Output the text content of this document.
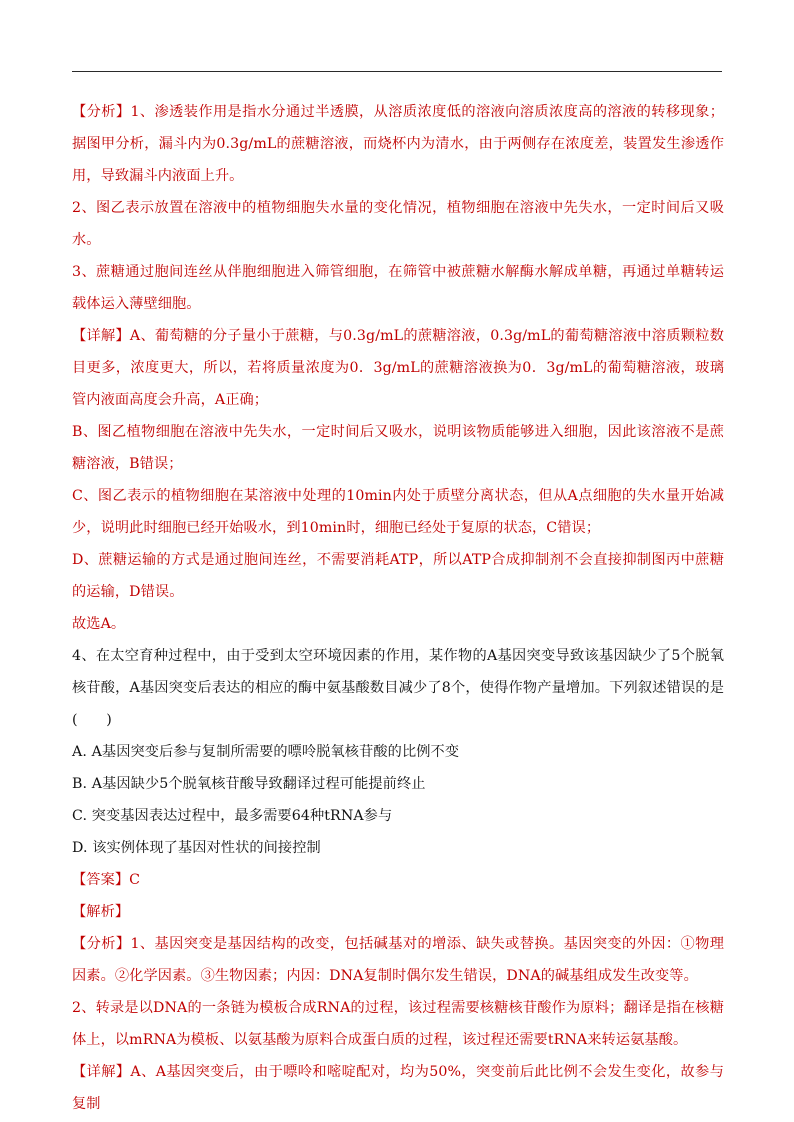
【分析】1、渗透装作用是指水分通过半透膜，从溶质浓度低的溶液向溶质浓度高的溶液的转移现象；据图甲分析，漏斗内为0.3g/mL的蔗糖溶液，而烧杯内为清水，由于两侧存在浓度差，装置发生渗透作用，导致漏斗内液面上升。

2、图乙表示放置在溶液中的植物细胞失水量的变化情况，植物细胞在溶液中先失水，一定时间后又吸水。

3、蔗糖通过胞间连丝从伴胞细胞进入筛管细胞，在筛管中被蔗糖水解酶水解成单糖，再通过单糖转运载体运入薄壁细胞。

【详解】A、葡萄糖的分子量小于蔗糖，与0.3g/mL的蔗糖溶液，0.3g/mL的葡萄糖溶液中溶质颗粒数目更多，浓度更大，所以，若将质量浓度为0．3g/mL的蔗糖溶液换为0．3g/mL的葡萄糖溶液，玻璃管内液面高度会升高，A正确；

B、图乙植物细胞在溶液中先失水，一定时间后又吸水，说明该物质能够进入细胞，因此该溶液不是蔗糖溶液，B错误；

C、图乙表示的植物细胞在某溶液中处理的10min内处于质壁分离状态，但从A点细胞的失水量开始减少，说明此时细胞已经开始吸水，到10min时，细胞已经处于复原的状态，C错误；

D、蔗糖运输的方式是通过胞间连丝，不需要消耗ATP，所以ATP合成抑制剂不会直接抑制图丙中蔗糖的运输，D错误。

故选A。

4、在太空育种过程中，由于受到太空环境因素的作用，某作物的A基因突变导致该基因缺少了5个脱氧核苷酸，A基因突变后表达的相应的酶中氨基酸数目减少了8个，使得作物产量增加。下列叙述错误的是(　　)

A. A基因突变后参与复制所需要的嘌呤脱氧核苷酸的比例不变

B. A基因缺少5个脱氧核苷酸导致翻译过程可能提前终止

C. 突变基因表达过程中，最多需要64种tRNA参与

D. 该实例体现了基因对性状的间接控制

【答案】C

【解析】

【分析】1、基因突变是基因结构的改变，包括碱基对的增添、缺失或替换。基因突变的外因：①物理因素。②化学因素。③生物因素；内因：DNA复制时偶尔发生错误，DNA的碱基组成发生改变等。

2、转录是以DNA的一条链为模板合成RNA的过程，该过程需要核糖核苷酸作为原料；翻译是指在核糖体上，以mRNA为模板、以氨基酸为原料合成蛋白质的过程，该过程还需要tRNA来转运氨基酸。

【详解】A、A基因突变后，由于嘌呤和嘧啶配对，均为50%，突变前后此比例不会发生变化，故参与复制
